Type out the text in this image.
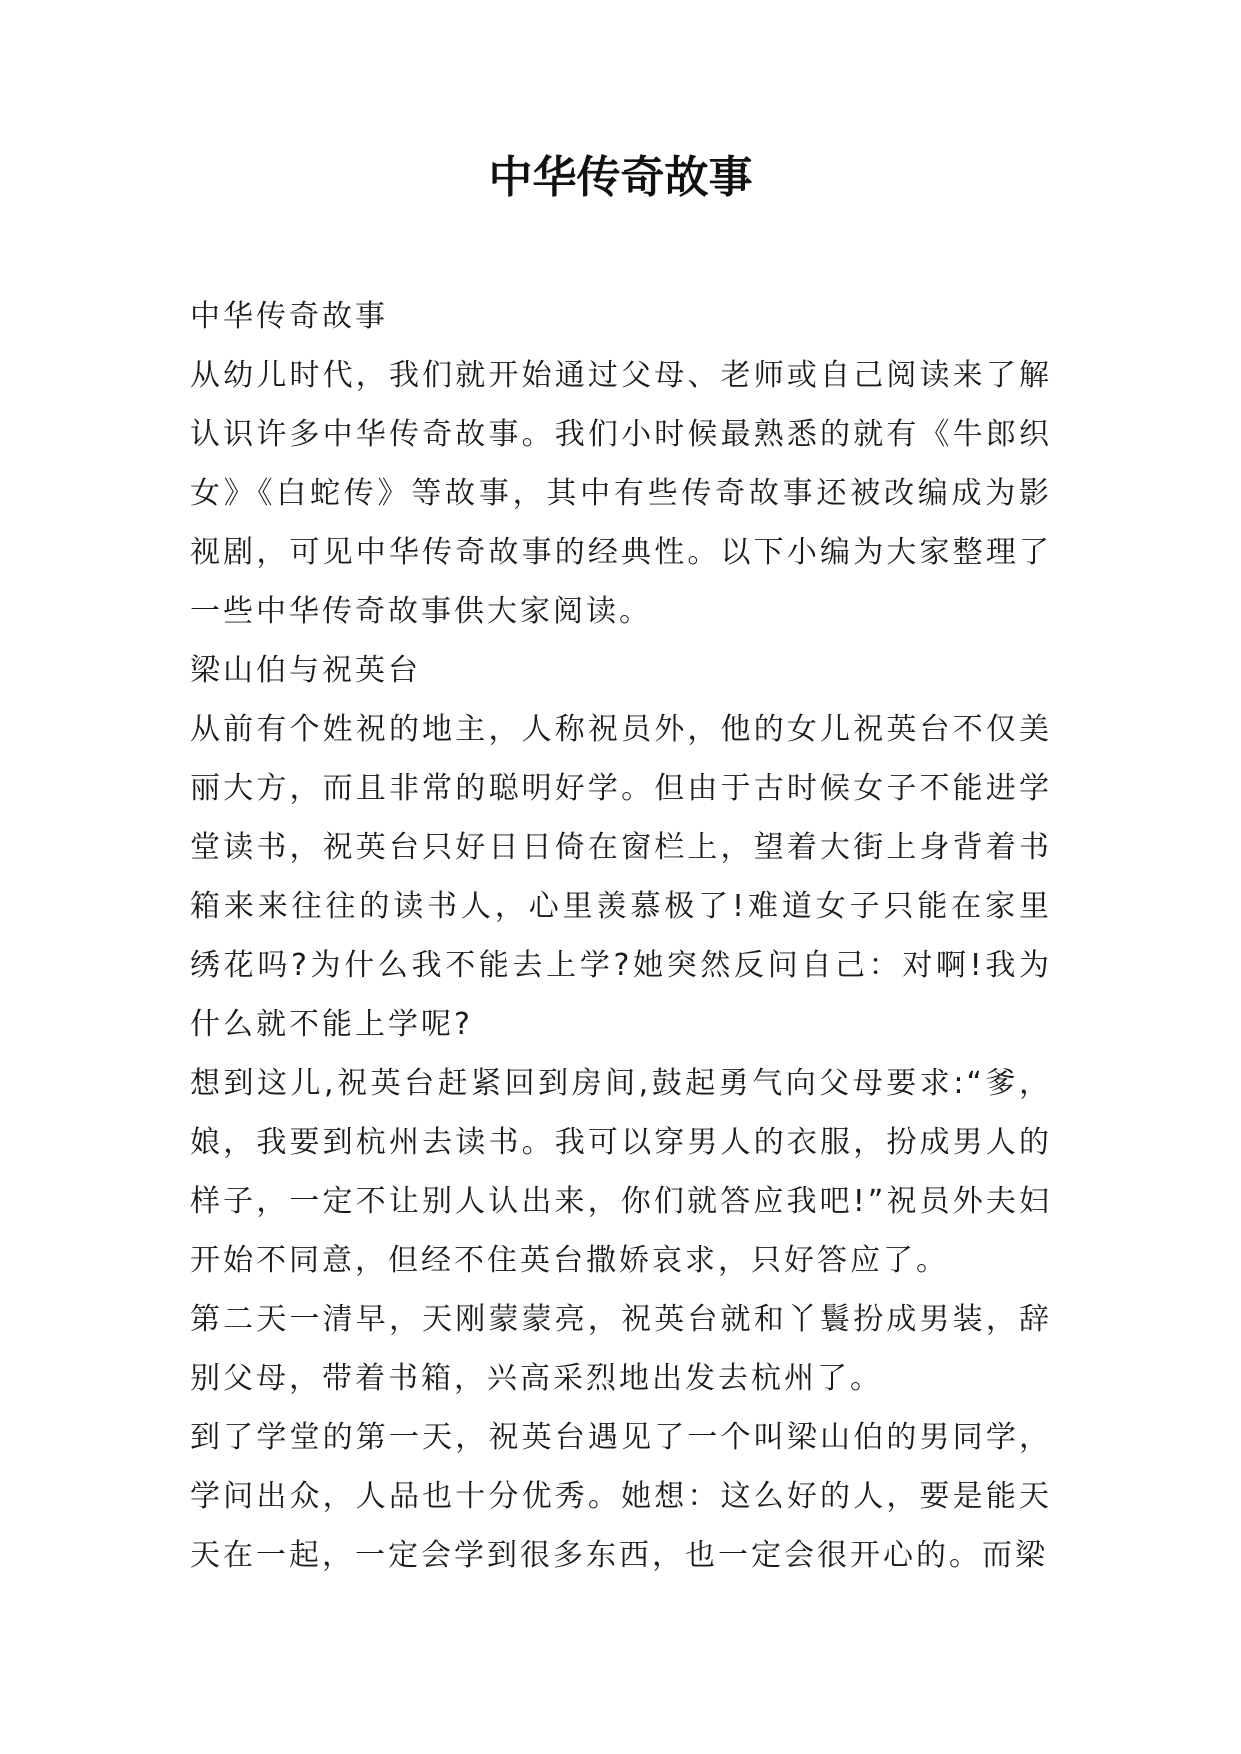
中华传奇故事

中华传奇故事

从幼儿时代，我们就开始通过父母、老师或自己阅读来了解认识许多中华传奇故事。我们小时候最熟悉的就有《牛郎织女》《白蛇传》等故事，其中有些传奇故事还被改编成为影视剧，可见中华传奇故事的经典性。以下小编为大家整理了一些中华传奇故事供大家阅读。

梁山伯与祝英台

从前有个姓祝的地主，人称祝员外，他的女儿祝英台不仅美丽大方，而且非常的聪明好学。但由于古时候女子不能进学堂读书，祝英台只好日日倚在窗栏上，望着大街上身背着书箱来来往往的读书人，心里羡慕极了!难道女子只能在家里绣花吗?为什么我不能去上学?她突然反问自己：对啊!我为什么就不能上学呢?

想到这儿,祝英台赶紧回到房间,鼓起勇气向父母要求:“爹，娘，我要到杭州去读书。我可以穿男人的衣服，扮成男人的样子，一定不让别人认出来，你们就答应我吧!”祝员外夫妇开始不同意，但经不住英台撒娇哀求，只好答应了。

第二天一清早，天刚蒙蒙亮，祝英台就和丫鬟扮成男装，辞别父母，带着书箱，兴高采烈地出发去杭州了。

到了学堂的第一天，祝英台遇见了一个叫梁山伯的男同学，学问出众，人品也十分优秀。她想：这么好的人，要是能天天在一起，一定会学到很多东西，也一定会很开心的。而梁
